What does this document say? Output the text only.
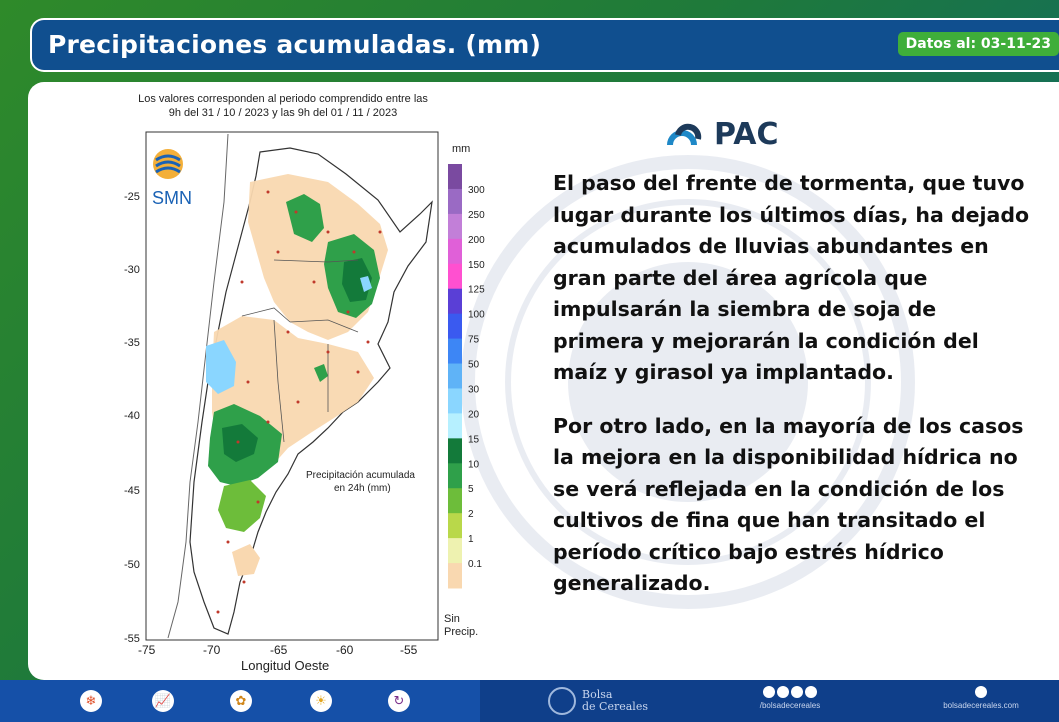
Precipitaciones acumuladas. (mm)	Datos al: 03-11-23
Los valores corresponden al periodo comprendido entre las
9h del 31 / 10 / 2023 y las 9h del 01 / 11 / 2023
SMN
-25
-30
-35
-40
-45
-50
-55
-75	-70	-65	-60	-55
Longitud Oeste
Precipitación acumulada
en 24h (mm)
mm
300
250
200
150
125
100
75
50
30
20
15
10
5
2
1
0.1
Sin
Precip.
PAC

El paso del frente de tormenta, que tuvo lugar durante los últimos días, ha dejado acumulados de lluvias abundantes en gran parte del área agrícola que impulsarán la siembra de soja de primera y mejorarán la condición del maíz y girasol ya implantado.

Por otro lado, en la mayoría de los casos la mejora en la disponibilidad hídrica no se verá reflejada en la condición de los cultivos de fina que han transitado el período crítico bajo estrés hídrico generalizado.

❄	📈	✿	☀	↻	Bolsa
de Cereales	/bolsadecereales	bolsadecereales.com
